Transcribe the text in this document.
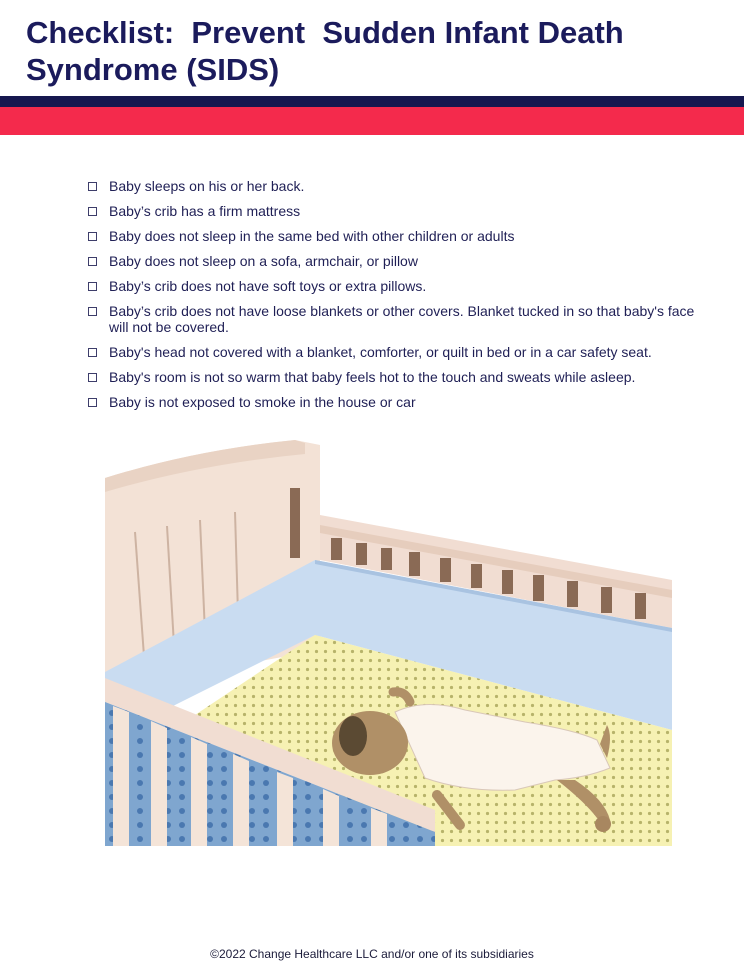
Checklist:  Prevent  Sudden Infant Death
Syndrome (SIDS)
Baby sleeps on his or her back.
Baby’s crib has a firm mattress
Baby does not sleep in the same bed with other children or adults
Baby does not sleep on a sofa, armchair, or pillow
Baby’s crib does not have soft toys or extra pillows.
Baby’s crib does not have loose blankets or other covers. Blanket tucked in so that baby's face will not be covered.
Baby's head not covered with a blanket, comforter, or quilt in bed or in a car safety seat.
Baby's room is not so warm that baby feels hot to the touch and sweats while asleep.
Baby is not exposed to smoke in the house or car
©2022 Change Healthcare LLC and/or one of its subsidiaries
